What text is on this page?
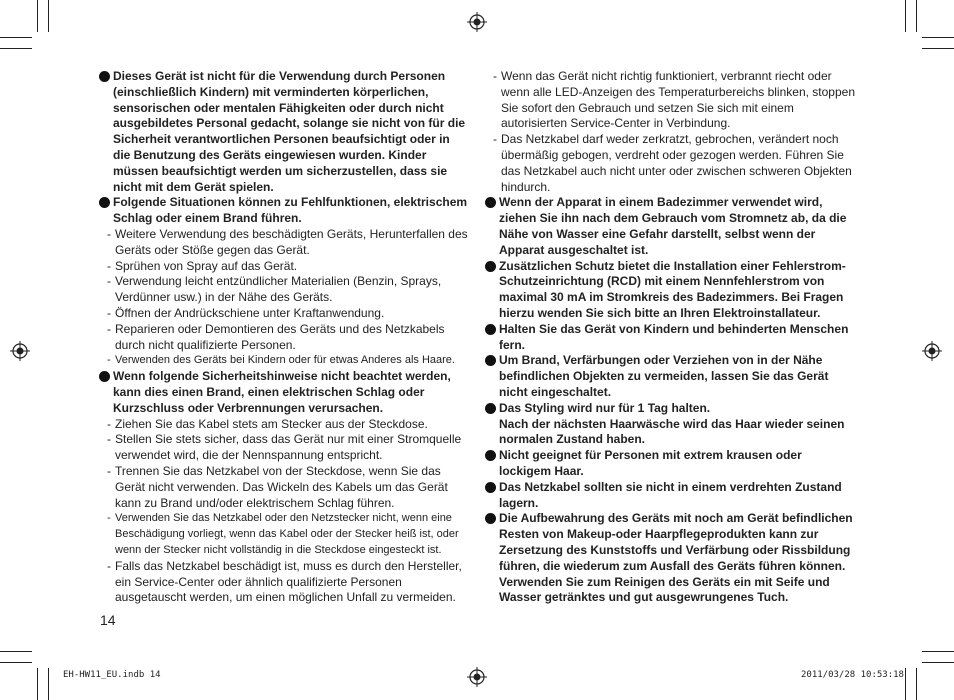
Dieses Gerät ist nicht für die Verwendung durch Personen (einschließlich Kindern) mit verminderten körperlichen, sensorischen oder mentalen Fähigkeiten oder durch nicht ausgebildetes Personal gedacht, solange sie nicht von für die Sicherheit verantwortlichen Personen beaufsichtigt oder in die Benutzung des Geräts eingewiesen wurden. Kinder müssen beaufsichtigt werden um sicherzustellen, dass sie nicht mit dem Gerät spielen.
Folgende Situationen können zu Fehlfunktionen, elektrischem Schlag oder einem Brand führen.
- Weitere Verwendung des beschädigten Geräts, Herunterfallen des Geräts oder Stöße gegen das Gerät.
- Sprühen von Spray auf das Gerät.
- Verwendung leicht entzündlicher Materialien (Benzin, Sprays, Verdünner usw.) in der Nähe des Geräts.
- Öffnen der Andrückschiene unter Kraftanwendung.
- Reparieren oder Demontieren des Geräts und des Netzkabels durch nicht qualifizierte Personen.
- Verwenden des Geräts bei Kindern oder für etwas Anderes als Haare.
Wenn folgende Sicherheitshinweise nicht beachtet werden, kann dies einen Brand, einen elektrischen Schlag oder Kurzschluss oder Verbrennungen verursachen.
- Ziehen Sie das Kabel stets am Stecker aus der Steckdose.
- Stellen Sie stets sicher, dass das Gerät nur mit einer Stromquelle verwendet wird, die der Nennspannung entspricht.
- Trennen Sie das Netzkabel von der Steckdose, wenn Sie das Gerät nicht verwenden. Das Wickeln des Kabels um das Gerät kann zu Brand und/oder elektrischem Schlag führen.
- Verwenden Sie das Netzkabel oder den Netzstecker nicht, wenn eine Beschädigung vorliegt, wenn das Kabel oder der Stecker heiß ist, oder wenn der Stecker nicht vollständig in die Steckdose eingesteckt ist.
- Falls das Netzkabel beschädigt ist, muss es durch den Hersteller, ein Service-Center oder ähnlich qualifizierte Personen ausgetauscht werden, um einen möglichen Unfall zu vermeiden.
- Wenn das Gerät nicht richtig funktioniert, verbrannt riecht oder wenn alle LED-Anzeigen des Temperaturbereichs blinken, stoppen Sie sofort den Gebrauch und setzen Sie sich mit einem autorisierten Service-Center in Verbindung.
- Das Netzkabel darf weder zerkratzt, gebrochen, verändert noch übermäßig gebogen, verdreht oder gezogen werden. Führen Sie das Netzkabel auch nicht unter oder zwischen schweren Objekten hindurch.
Wenn der Apparat in einem Badezimmer verwendet wird, ziehen Sie ihn nach dem Gebrauch vom Stromnetz ab, da die Nähe von Wasser eine Gefahr darstellt, selbst wenn der Apparat ausgeschaltet ist.
Zusätzlichen Schutz bietet die Installation einer Fehlerstrom-Schutzeinrichtung (RCD) mit einem Nennfehlerstrom von maximal 30 mA im Stromkreis des Badezimmers. Bei Fragen hierzu wenden Sie sich bitte an Ihren Elektroinstallateur.
Halten Sie das Gerät von Kindern und behinderten Menschen fern.
Um Brand, Verfärbungen oder Verziehen von in der Nähe befindlichen Objekten zu vermeiden, lassen Sie das Gerät nicht eingeschaltet.
Das Styling wird nur für 1 Tag halten.
Nach der nächsten Haarwäsche wird das Haar wieder seinen normalen Zustand haben.
Nicht geeignet für Personen mit extrem krausen oder lockigem Haar.
Das Netzkabel sollten sie nicht in einem verdrehten Zustand lagern.
Die Aufbewahrung des Geräts mit noch am Gerät befindlichen Resten von Makeup-oder Haarpflegeprodukten kann zur Zersetzung des Kunststoffs und Verfärbung oder Rissbildung führen, die wiederum zum Ausfall des Geräts führen können. Verwenden Sie zum Reinigen des Geräts ein mit Seife und Wasser getränktes und gut ausgewrungenes Tuch.
14
EH-HW11_EU.indb 14	2011/03/28 10:53:18
